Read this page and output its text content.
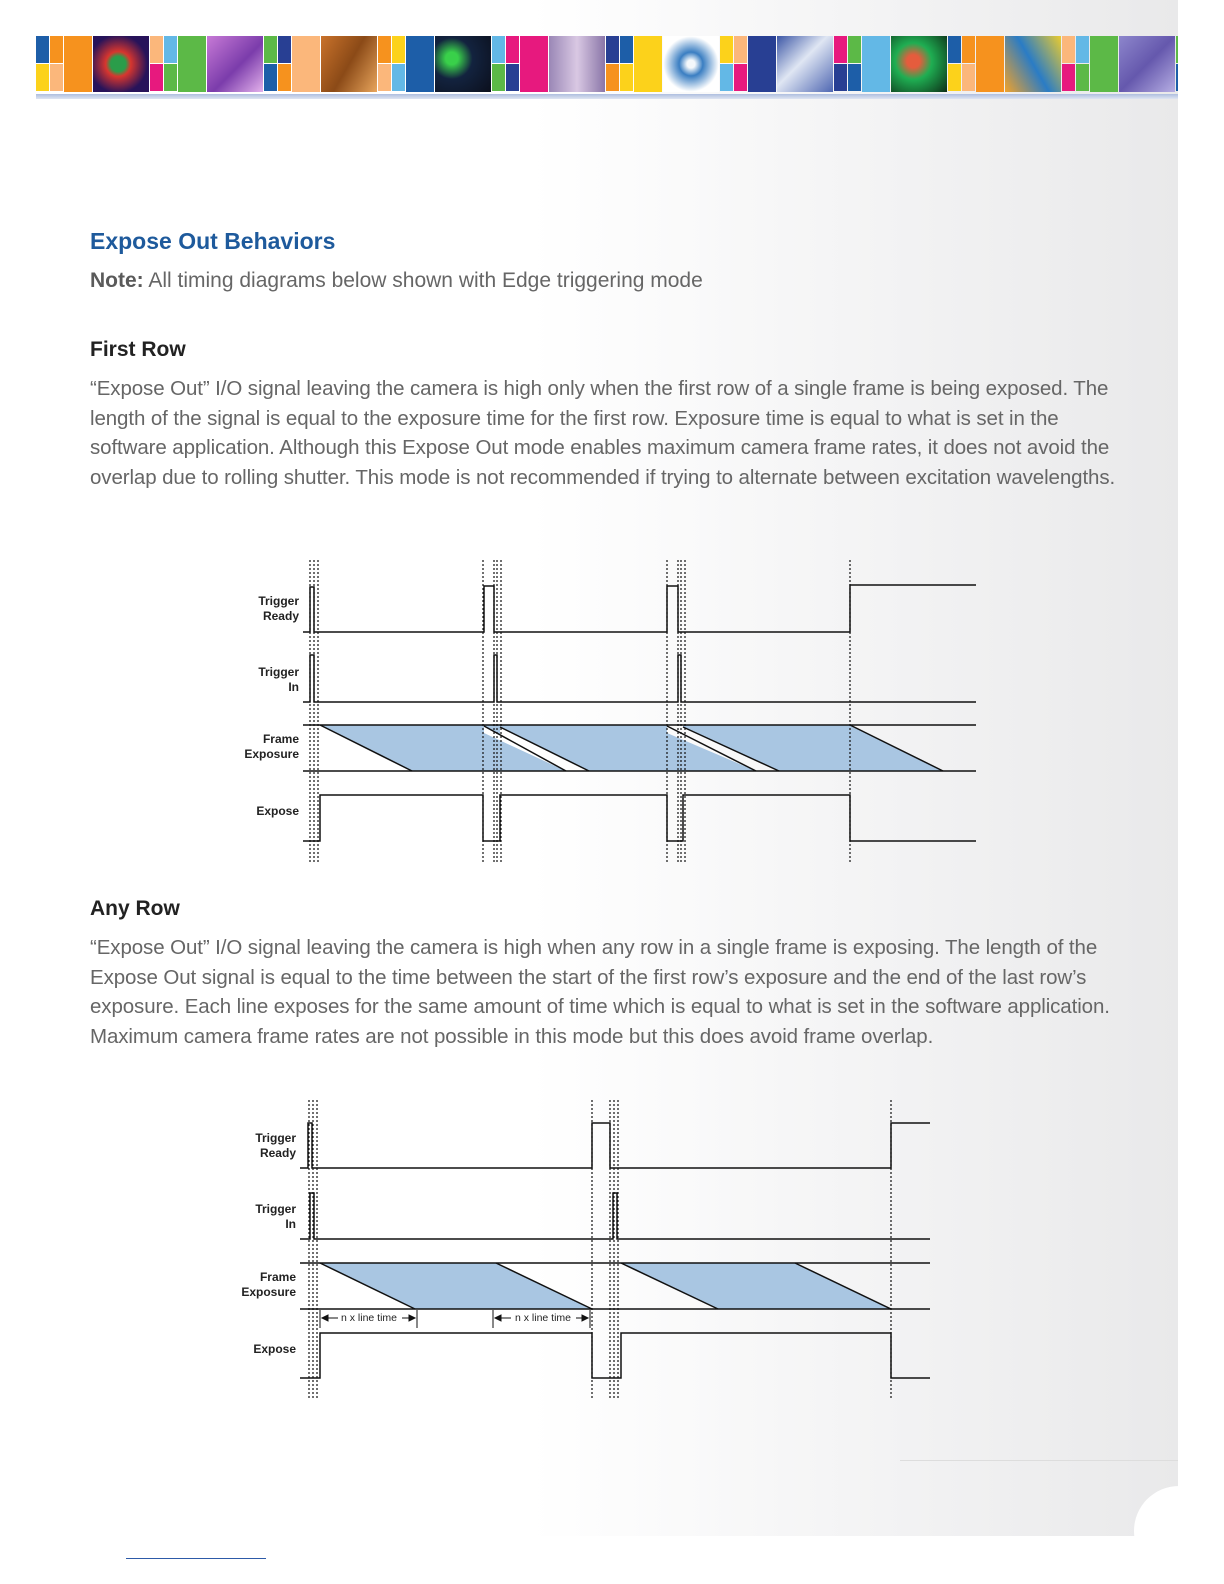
Expose Out Behaviors
Note: All timing diagrams below shown with Edge triggering mode
First Row

“Expose Out” I/O signal leaving the camera is high only when the first row of a single frame is being exposed. The length of the signal is equal to the exposure time for the first row. Exposure time is equal to what is set in the software application. Although this Expose Out mode enables maximum camera frame rates, it does not avoid the overlap due to rolling shutter. This mode is not recommended if trying to alternate between excitation wavelengths.

Trigger
Ready
Trigger
In
Frame
Exposure
Expose
Any Row

“Expose Out” I/O signal leaving the camera is high when any row in a single frame is exposing. The length of the Expose Out signal is equal to the time between the start of the first row’s exposure and the end of the last row’s exposure. Each line exposes for the same amount of time which is equal to what is set in the software application. Maximum camera frame rates are not possible in this mode but this does avoid frame overlap.

n x line time	n x line time
Trigger
Ready
Trigger
In
Frame
Exposure
Expose
